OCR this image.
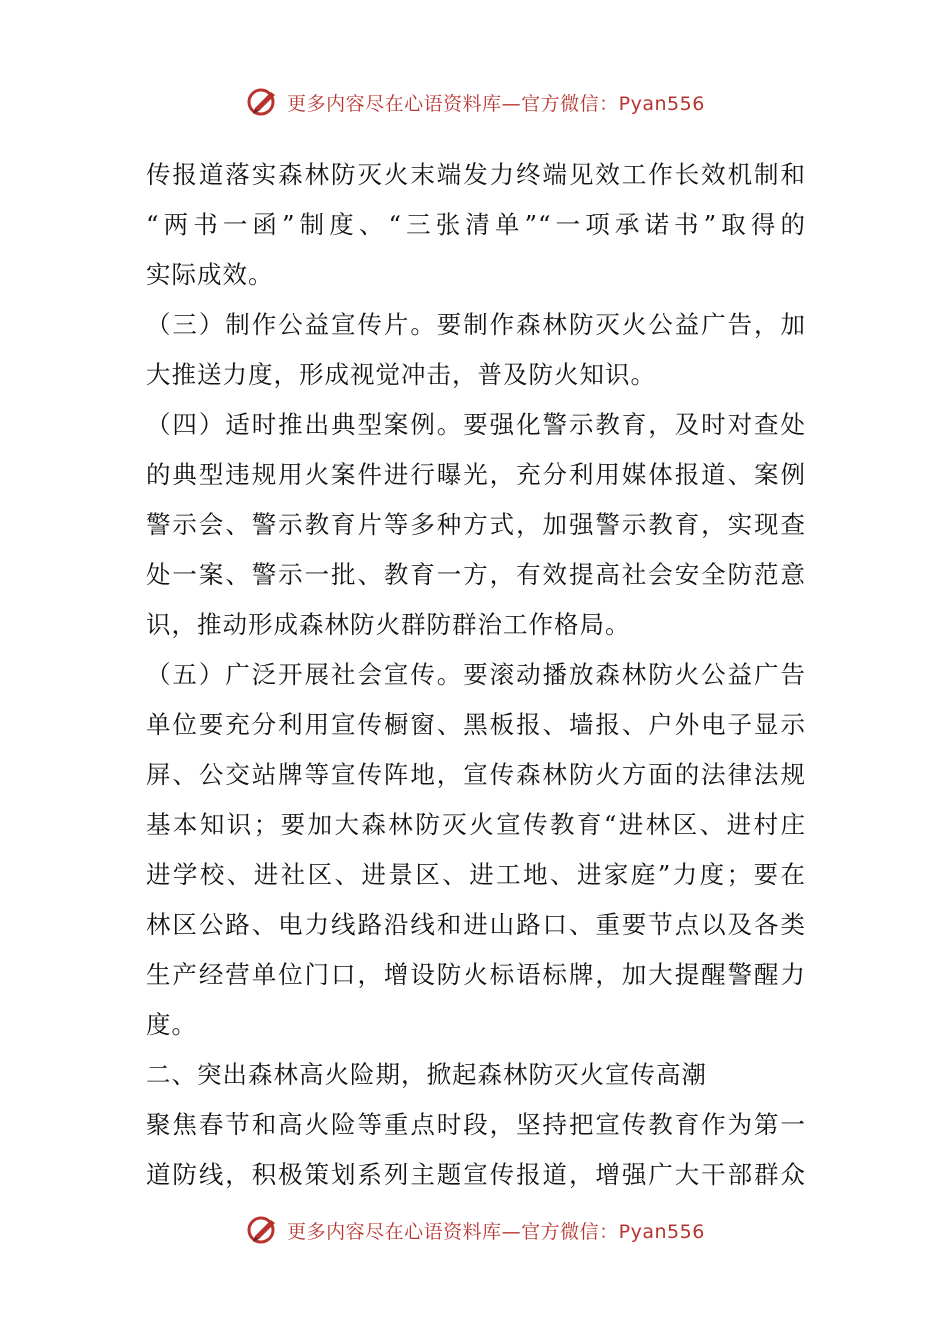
更多内容尽在心语资料库—官方微信：Pyan556
传报道落实森林防灭火末端发力终端见效工作长效机制和
“两书一函”制度、“三张清单”“一项承诺书”取得的
实际成效。
（三）制作公益宣传片。要制作森林防灭火公益广告，加
大推送力度，形成视觉冲击，普及防火知识。
（四）适时推出典型案例。要强化警示教育，及时对查处
的典型违规用火案件进行曝光，充分利用媒体报道、案例
警示会、警示教育片等多种方式，加强警示教育，实现查
处一案、警示一批、教育一方，有效提高社会安全防范意
识，推动形成森林防火群防群治工作格局。
（五）广泛开展社会宣传。要滚动播放森林防火公益广告
单位要充分利用宣传橱窗、黑板报、墙报、户外电子显示
屏、公交站牌等宣传阵地，宣传森林防火方面的法律法规
基本知识；要加大森林防灭火宣传教育“进林区、进村庄
进学校、进社区、进景区、进工地、进家庭”力度；要在
林区公路、电力线路沿线和进山路口、重要节点以及各类
生产经营单位门口，增设防火标语标牌，加大提醒警醒力
度。
二、突出森林高火险期，掀起森林防灭火宣传高潮
聚焦春节和高火险等重点时段，坚持把宣传教育作为第一
道防线，积极策划系列主题宣传报道，增强广大干部群众
更多内容尽在心语资料库—官方微信：Pyan556
